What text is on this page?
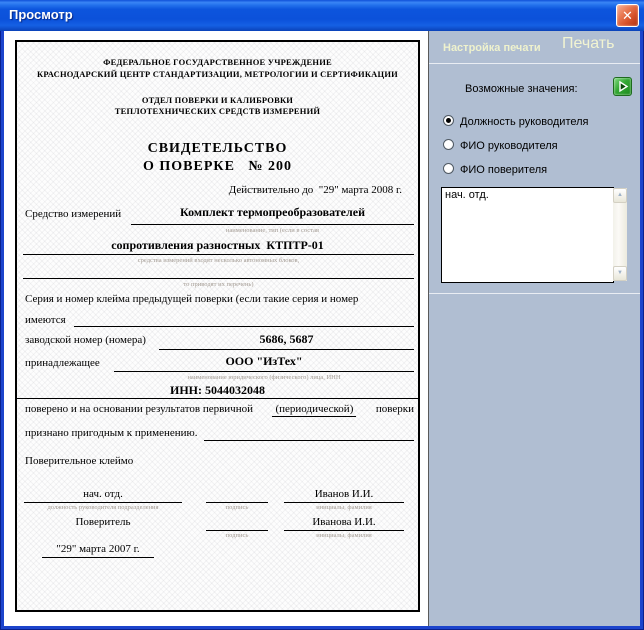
Просмотр	✕
ФЕДЕРАЛЬНОЕ ГОСУДАРСТВЕННОЕ УЧРЕЖДЕНИЕ
КРАСНОДАРСКИЙ ЦЕНТР СТАНДАРТИЗАЦИИ, МЕТРОЛОГИИ И СЕРТИФИКАЦИИ
ОТДЕЛ ПОВЕРКИ И КАЛИБРОВКИ
ТЕПЛОТЕХНИЧЕСКИХ СРЕДСТВ ИЗМЕРЕНИЙ
СВИДЕТЕЛЬСТВО
О ПОВЕРКЕ   № 200
Действительно до  "29" марта 2008 г.
Средство измерений	Комплект термопреобразователей
наименование, тип (если в состав
сопротивления разностных  КТПТР-01
средства измерений входят несколько автономных блоков,
то приводят их перечень)
Серия и номер клейма предыдущей поверки (если такие серия и номер
имеются
заводской номер (номера)	5686, 5687
принадлежащее	ООО "ИзТех"
наименование юридического (физического) лица, ИНН
ИНН: 5044032048
поверено и на основании результатов первичной (периодической) поверки
признано пригодным к применению.
Поверительное клеймо
нач. отд.	Иванов И.И.
должность руководителя подразделения	подпись	инициалы, фамилия
Поверитель	Иванова И.И.
подпись	инициалы, фамилия
"29" марта 2007 г.
Настройка печати Печать
Возможные значения:
Должность руководителя
ФИО руководителя
ФИО поверителя
нач. отд.	▲
▼
